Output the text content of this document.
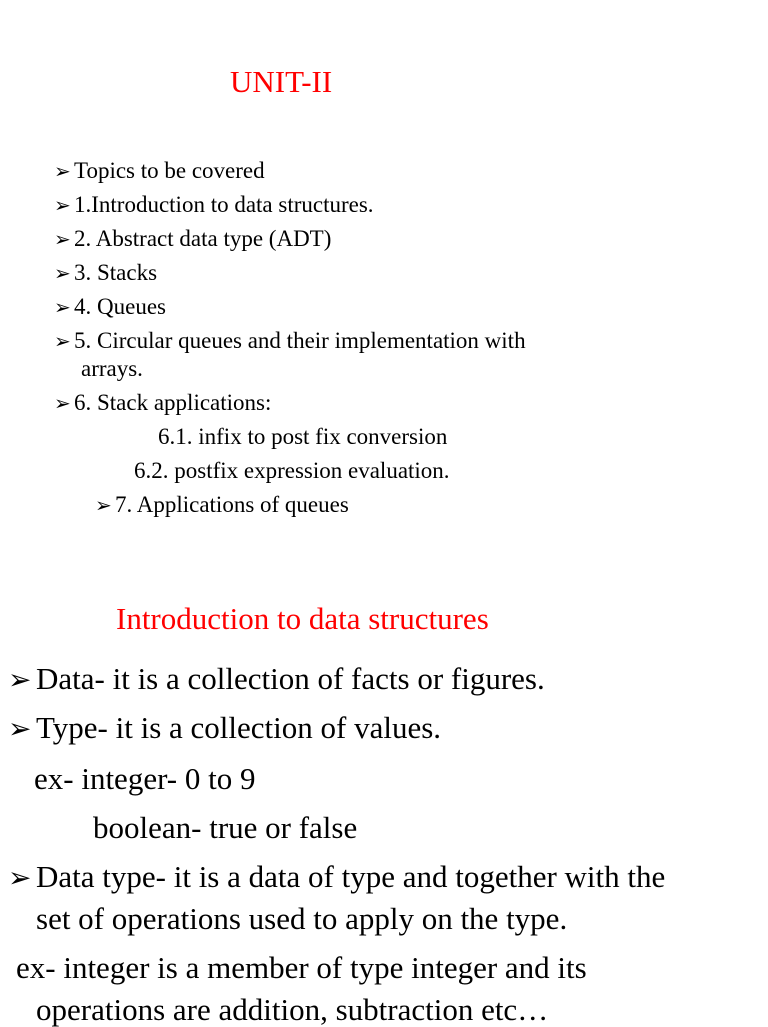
UNIT-II
➢ Topics to be covered
➢ 1.Introduction to data structures.
➢ 2. Abstract data type (ADT)
➢ 3. Stacks
➢ 4. Queues
➢ 5. Circular queues and their implementation with
arrays.
➢ 6. Stack applications:
6.1. infix to post fix conversion
6.2. postfix expression evaluation.
➢ 7. Applications of queues
Introduction to data structures
➢ Data- it is a collection of facts or figures.
➢ Type- it is a collection of values.
ex- integer- 0 to 9
boolean- true or false
➢ Data type- it is a data of type and together with the
set of operations used to apply on the type.
ex- integer is a member of type integer and its
operations are addition, subtraction etc…
